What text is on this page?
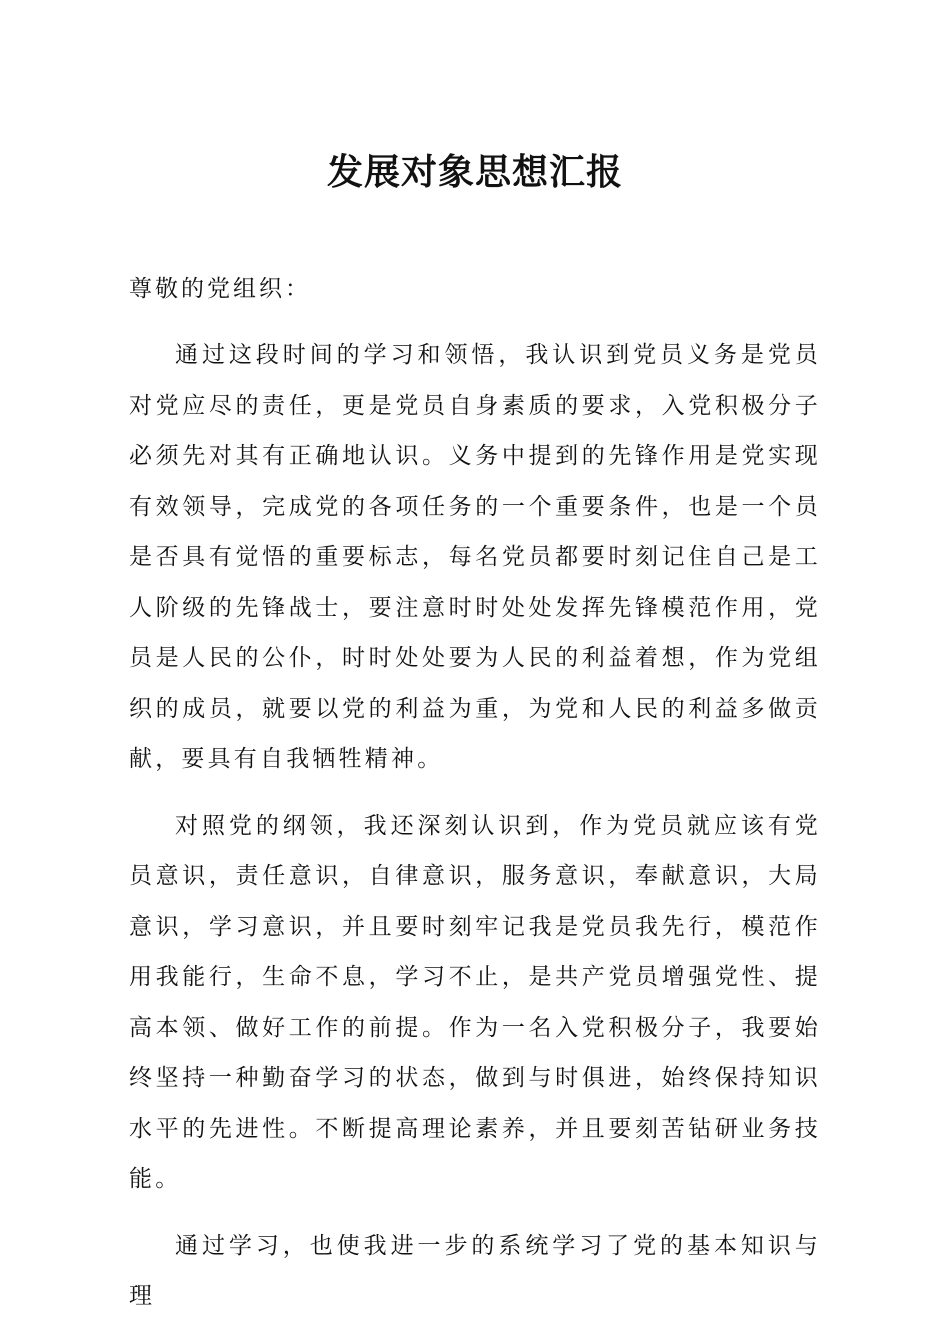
发展对象思想汇报

尊敬的党组织：

通过这段时间的学习和领悟，我认识到党员义务是党员对党应尽的责任，更是党员自身素质的要求，入党积极分子必须先对其有正确地认识。义务中提到的先锋作用是党实现有效领导，完成党的各项任务的一个重要条件，也是一个员是否具有觉悟的重要标志，每名党员都要时刻记住自己是工人阶级的先锋战士，要注意时时处处发挥先锋模范作用，党员是人民的公仆，时时处处要为人民的利益着想，作为党组织的成员，就要以党的利益为重，为党和人民的利益多做贡献，要具有自我牺牲精神。

对照党的纲领，我还深刻认识到，作为党员就应该有党员意识，责任意识，自律意识，服务意识，奉献意识，大局意识，学习意识，并且要时刻牢记我是党员我先行，模范作用我能行，生命不息，学习不止，是共产党员增强党性、提高本领、做好工作的前提。作为一名入党积极分子，我要始终坚持一种勤奋学习的状态，做到与时俱进，始终保持知识水平的先进性。不断提高理论素养，并且要刻苦钻研业务技能。

通过学习，也使我进一步的系统学习了党的基本知识与理
